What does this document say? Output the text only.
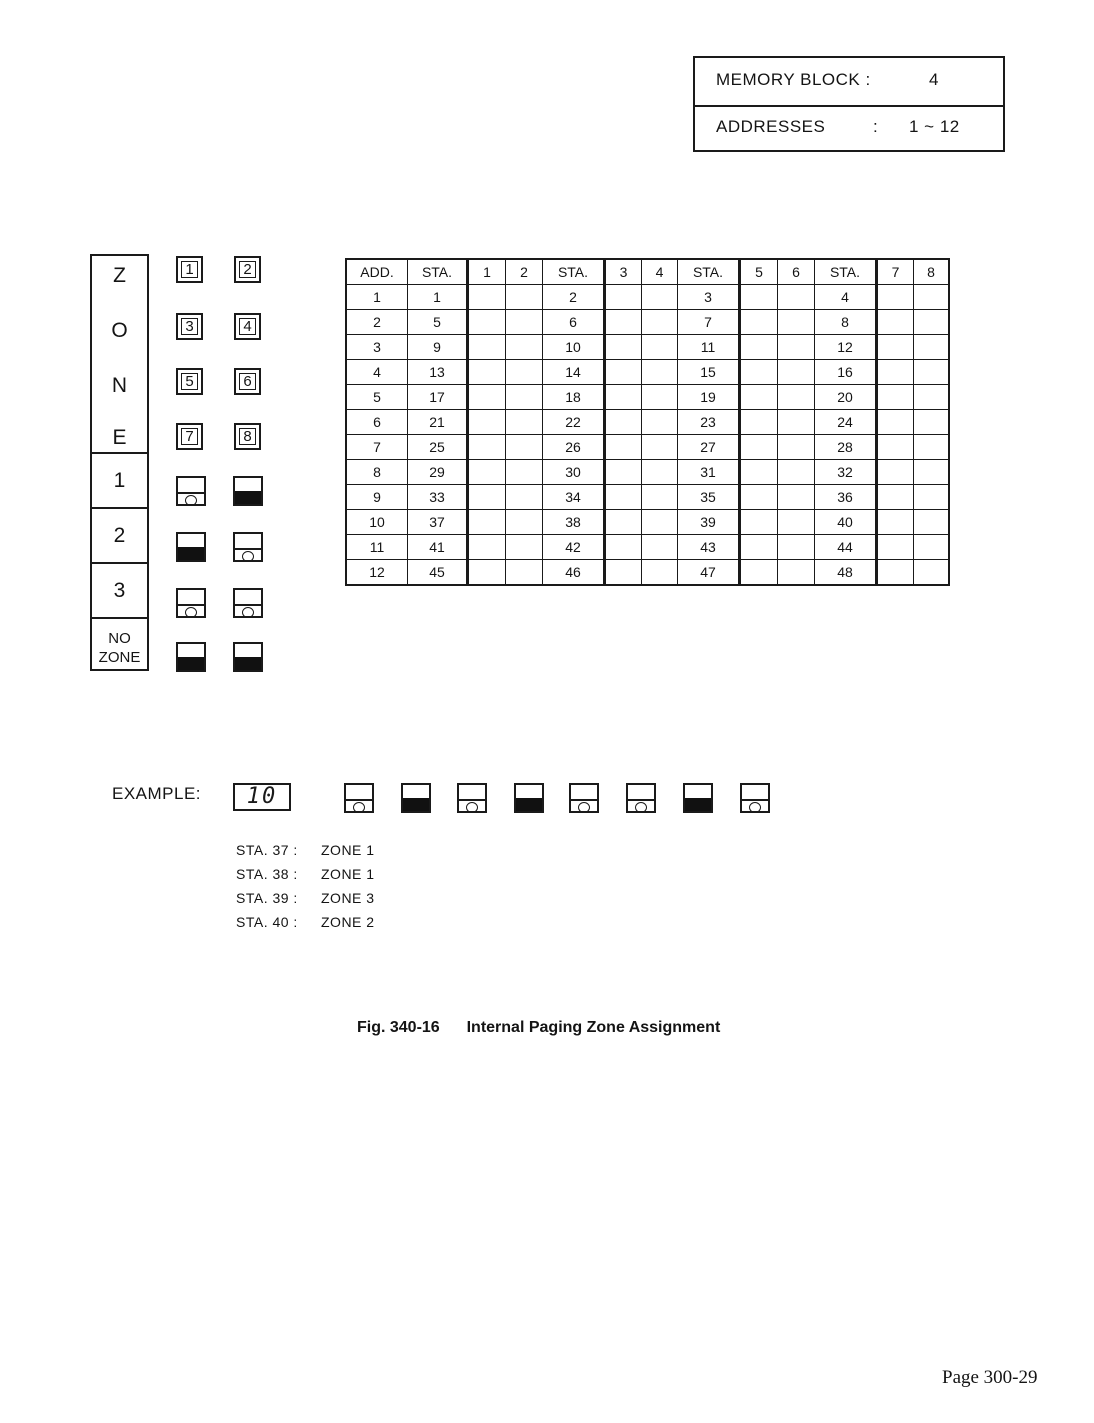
MEMORY BLOCK :	4
ADDRESSES	: 1 ~ 12
Z
O
N
E
1
2
3
NO
ZONE
1	2
3	4
5	6
7	8
ADD.	STA.	1	2	STA.	3	4	STA.	5	6	STA.	7	8
1	1			2			3			4		
2	5			6			7			8		
3	9			10			11			12		
4	13			14			15			16		
5	17			18			19			20		
6	21			22			23			24		
7	25			26			27			28		
8	29			30			31			32		
9	33			34			35			36		
10	37			38			39			40		
11	41			42			43			44		
12	45			46			47			48		
EXAMPLE:	10
STA. 37 : ZONE 1
STA. 38 : ZONE 1
STA. 39 : ZONE 3
STA. 40 : ZONE 2
Fig. 340-16 Internal Paging Zone Assignment
Page 300-29
